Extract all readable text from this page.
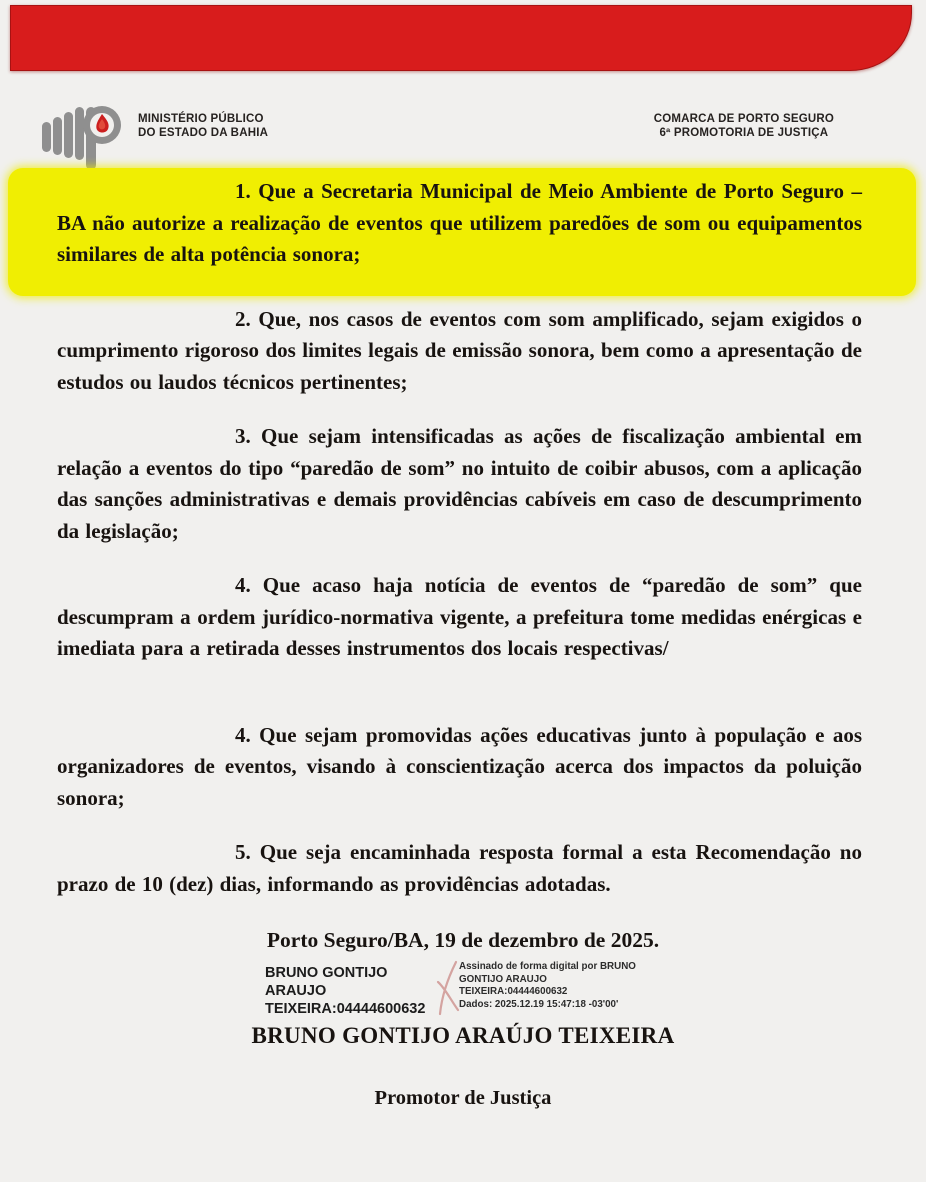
MINISTÉRIO PÚBLICO
DO ESTADO DA BAHIA
COMARCA DE PORTO SEGURO
6ª PROMOTORIA DE JUSTIÇA

1. Que a Secretaria Municipal de Meio Ambiente de Porto Seguro – BA não autorize a realização de eventos que utilizem paredões de som ou equipamentos similares de alta potência sonora;

2. Que, nos casos de eventos com som amplificado, sejam exigidos o cumprimento rigoroso dos limites legais de emissão sonora, bem como a apresentação de estudos ou laudos técnicos pertinentes;

3. Que sejam intensificadas as ações de fiscalização ambiental em relação a eventos do tipo “paredão de som” no intuito de coibir abusos, com a aplicação das sanções administrativas e demais providências cabíveis em caso de descumprimento da legislação;

4. Que acaso haja notícia de eventos de “paredão de som” que descumpram a ordem jurídico-normativa vigente, a prefeitura tome medidas enérgicas e imediata para a retirada desses instrumentos dos locais respectivas/

4. Que sejam promovidas ações educativas junto à população e aos organizadores de eventos, visando à conscientização acerca dos impactos da poluição sonora;

5. Que seja encaminhada resposta formal a esta Recomendação no prazo de 10 (dez) dias, informando as providências adotadas.

Porto Seguro/BA, 19 de dezembro de 2025.

BRUNO GONTIJO ARAUJO
TEIXEIRA:04444600632
Assinado de forma digital por BRUNO
GONTIJO ARAUJO
TEIXEIRA:04444600632
Dados: 2025.12.19 15:47:18 -03'00'

BRUNO GONTIJO ARAÚJO TEIXEIRA

Promotor de Justiça
